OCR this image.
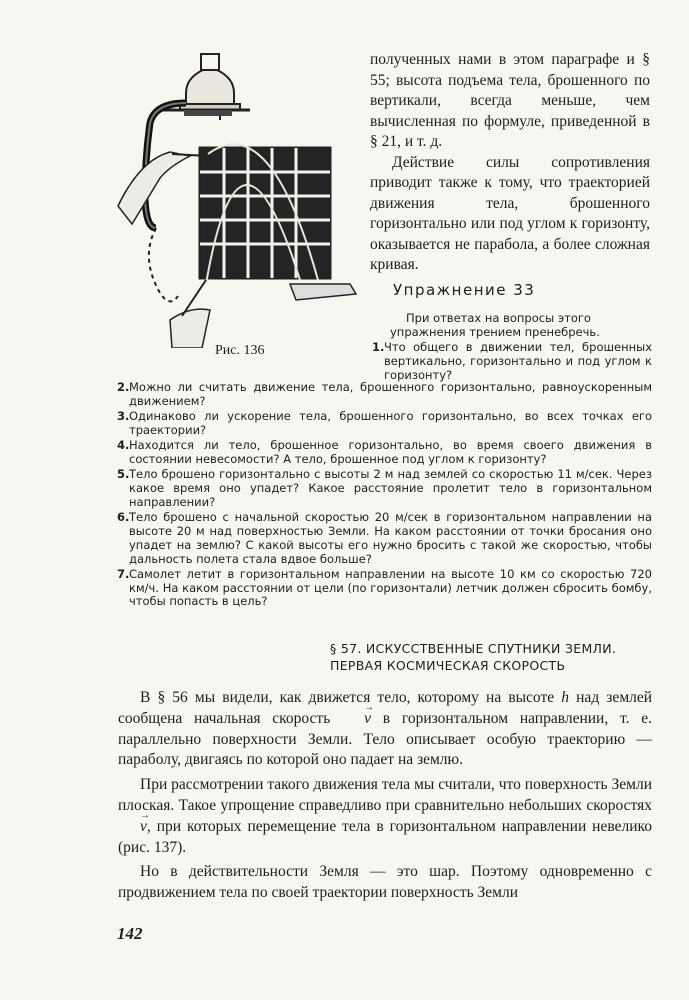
Рис. 136

полученных нами в этом параграфе и § 55; высота подъема тела, брошенного по вертикали, всегда меньше, чем вычисленная по формуле, приведенной в § 21, и т. д.

Действие силы сопротивления приводит также к тому, что траекторией движения тела, брошенного горизонтально или под углом к горизонту, оказывается не парабола, а более сложная кривая.

Упражнение 33
При ответах на вопросы этого упражнения трением пренебречь.
1. Что общего в движении тел, брошенных вертикально, горизонтально и под углом к горизонту?
2. Можно ли считать движение тела, брошенного горизонтально, равноускоренным движением?
3. Одинаково ли ускорение тела, брошенного горизонтально, во всех точках его траектории?
4. Находится ли тело, брошенное горизонтально, во время своего движения в состоянии невесомости? А тело, брошенное под углом к горизонту?
5. Тело брошено горизонтально с высоты 2 м над землей со скоростью 11 м/сек. Через какое время оно упадет? Какое расстояние пролетит тело в горизонтальном направлении?
6. Тело брошено с начальной скоростью 20 м/сек в горизонтальном направлении на высоте 20 м над поверхностью Земли. На каком расстоянии от точки бросания оно упадет на землю? С какой высоты его нужно бросить с такой же скоростью, чтобы дальность полета стала вдвое больше?
7. Самолет летит в горизонтальном направлении на высоте 10 км со скоростью 720 км/ч. На каком расстоянии от цели (по горизонтали) летчик должен сбросить бомбу, чтобы попасть в цель?
§ 57. ИСКУССТВЕННЫЕ СПУТНИКИ ЗЕМЛИ.
ПЕРВАЯ КОСМИЧЕСКАЯ СКОРОСТЬ

В § 56 мы видели, как движется тело, которому на высоте h над землей сообщена начальная скорость → v в горизонтальном направлении, т. е. параллельно поверхности Земли. Тело описывает особую траекторию — параболу, двигаясь по которой оно падает на землю.

При рассмотрении такого движения тела мы считали, что поверхность Земли плоская. Такое упрощение справедливо при сравнительно небольших скоростях → v, при которых перемещение тела в горизонтальном направлении невелико (рис. 137).

Но в действительности Земля — это шар. Поэтому одновременно с продвижением тела по своей траектории поверхность Земли

142
